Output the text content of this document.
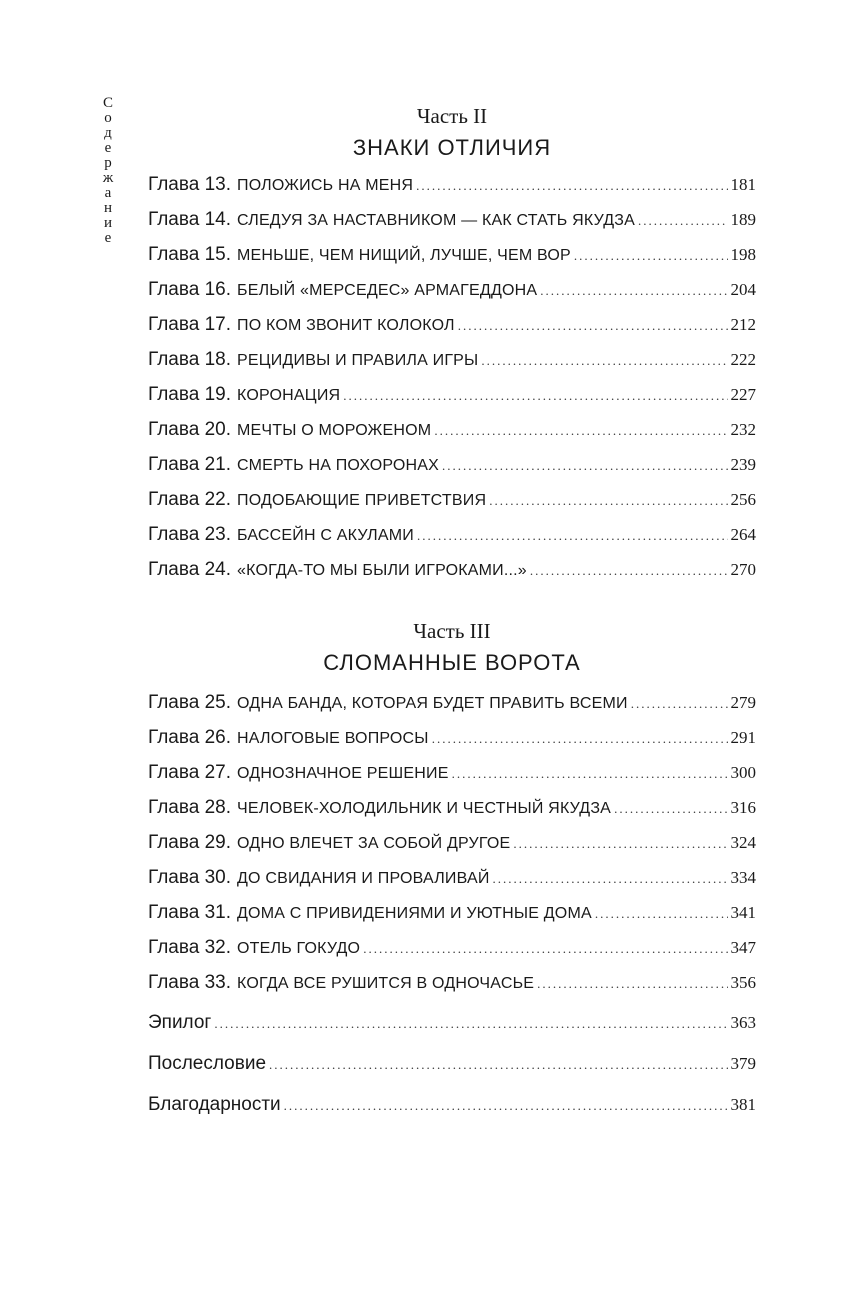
С
о
д
е
р
ж
а
н
и
е
Часть II
ЗНАКИ ОТЛИЧИЯ
Глава 13. ПОЛОЖИСЬ НА МЕНЯ .....	181
Глава 14. СЛЕДУЯ ЗА НАСТАВНИКОМ — КАК СТАТЬ ЯКУДЗА .....	189
Глава 15. МЕНЬШЕ, ЧЕМ НИЩИЙ, ЛУЧШЕ, ЧЕМ ВОР .....	198
Глава 16. БЕЛЫЙ «МЕРСЕДЕС» АРМАГЕДДОНА .....	204
Глава 17. ПО КОМ ЗВОНИТ КОЛОКОЛ .....	212
Глава 18. РЕЦИДИВЫ И ПРАВИЛА ИГРЫ .....	222
Глава 19. КОРОНАЦИЯ .....	227
Глава 20. МЕЧТЫ О МОРОЖЕНОМ .....	232
Глава 21. СМЕРТЬ НА ПОХОРОНАХ .....	239
Глава 22. ПОДОБАЮЩИЕ ПРИВЕТСТВИЯ .....	256
Глава 23. БАССЕЙН С АКУЛАМИ .....	264
Глава 24. «КОГДА-ТО МЫ БЫЛИ ИГРОКАМИ...» .....	270
Часть III
СЛОМАННЫЕ ВОРОТА
Глава 25. ОДНА БАНДА, КОТОРАЯ БУДЕТ ПРАВИТЬ ВСЕМИ .....	279
Глава 26. НАЛОГОВЫЕ ВОПРОСЫ .....	291
Глава 27. ОДНОЗНАЧНОЕ РЕШЕНИЕ .....	300
Глава 28. ЧЕЛОВЕК-ХОЛОДИЛЬНИК И ЧЕСТНЫЙ ЯКУДЗА .....	316
Глава 29. ОДНО ВЛЕЧЕТ ЗА СОБОЙ ДРУГОЕ .....	324
Глава 30. ДО СВИДАНИЯ И ПРОВАЛИВАЙ .....	334
Глава 31. ДОМА С ПРИВИДЕНИЯМИ И УЮТНЫЕ ДОМА .....	341
Глава 32. ОТЕЛЬ ГОКУДО .....	347
Глава 33. КОГДА ВСЕ РУШИТСЯ В ОДНОЧАСЬЕ .....	356
Эпилог .....	363
Послесловие .....	379
Благодарности .....	381
